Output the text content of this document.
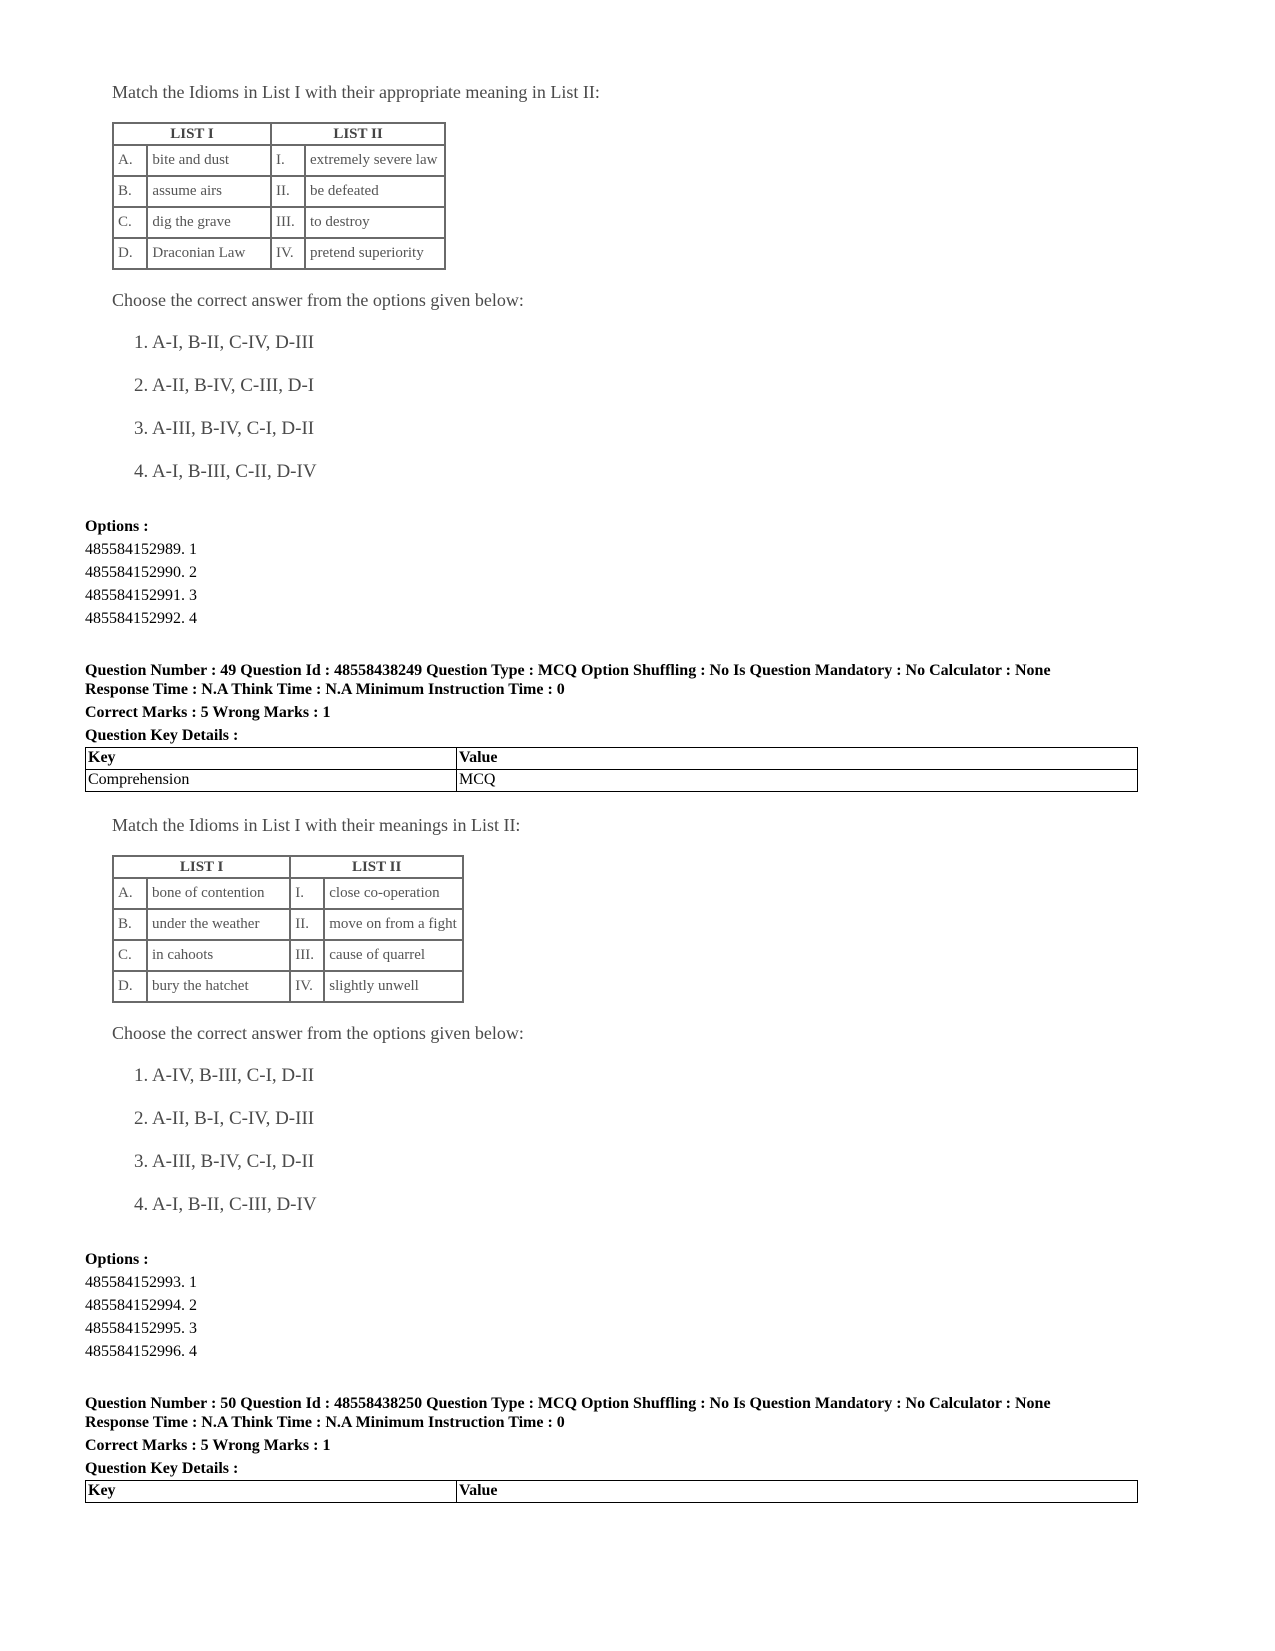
Match the Idioms in List I with their appropriate meaning in List II:
LIST I		LIST II	
A.	bite and dust	I.	extremely severe law
B.	assume airs	II.	be defeated
C.	dig the grave	III.	to destroy
D.	Draconian Law	IV.	pretend superiority
Choose the correct answer from the options given below:
1. A-I, B-II, C-IV, D-III
2. A-II, B-IV, C-III, D-I
3. A-III, B-IV, C-I, D-II
4. A-I, B-III, C-II, D-IV
Options :
485584152989. 1
485584152990. 2
485584152991. 3
485584152992. 4
Question Number : 49 Question Id : 48558438249 Question Type : MCQ Option Shuffling : No Is Question Mandatory : No Calculator : None
Response Time : N.A Think Time : N.A Minimum Instruction Time : 0
Correct Marks : 5 Wrong Marks : 1
Question Key Details :
Key	Value
Comprehension	MCQ
Match the Idioms in List I with their meanings in List II:
LIST I		LIST II	
A.	bone of contention	I.	close co-operation
B.	under the weather	II.	move on from a fight
C.	in cahoots	III.	cause of quarrel
D.	bury the hatchet	IV.	slightly unwell
Choose the correct answer from the options given below:
1. A-IV, B-III, C-I, D-II
2. A-II, B-I, C-IV, D-III
3. A-III, B-IV, C-I, D-II
4. A-I, B-II, C-III, D-IV
Options :
485584152993. 1
485584152994. 2
485584152995. 3
485584152996. 4
Question Number : 50 Question Id : 48558438250 Question Type : MCQ Option Shuffling : No Is Question Mandatory : No Calculator : None
Response Time : N.A Think Time : N.A Minimum Instruction Time : 0
Correct Marks : 5 Wrong Marks : 1
Question Key Details :
Key	Value
